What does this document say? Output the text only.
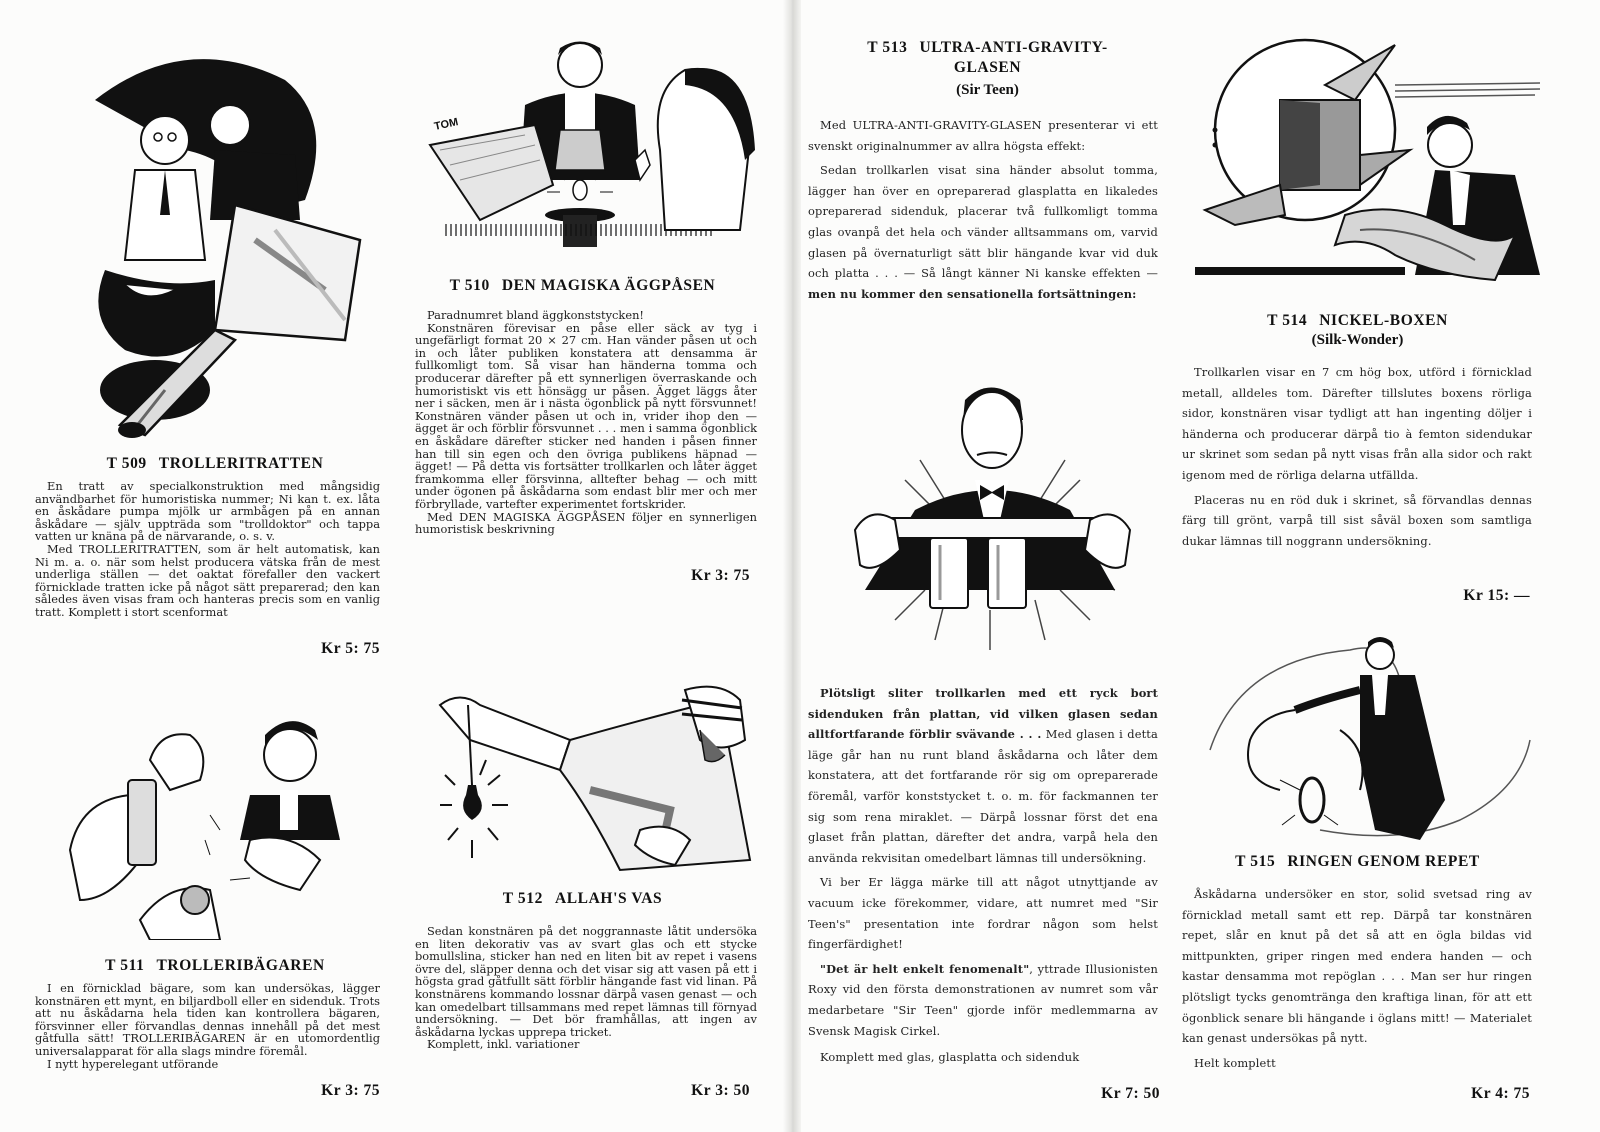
T 509 TROLLERITRATTEN

En tratt av specialkonstruktion med mångsidig användbarhet för humoristiska nummer; Ni kan t. ex. låta en åskådare pumpa mjölk ur armbågen på en annan åskådare — själv uppträda som "trolldoktor" och tappa vatten ur knäna på de närvarande, o. s. v.

Med TROLLERITRATTEN, som är helt automatisk, kan Ni m. a. o. när som helst producera vätska från de mest underliga ställen — det oaktat förefaller den vackert förnicklade tratten icke på något sätt preparerad; den kan således även visas fram och hanteras precis som en vanlig tratt. Komplett i stort scenformat

Kr 5: 75
TOM
T 510 DEN MAGISKA ÄGGPÅSEN

Paradnumret bland äggkonststycken!

Konstnären förevisar en påse eller säck av tyg i ungefärligt format 20 × 27 cm. Han vänder påsen ut och in och låter publiken konstatera att densamma är fullkomligt tom. Så visar han händerna tomma och producerar därefter på ett synnerligen överraskande och humoristiskt vis ett hönsägg ur påsen. Ägget läggs åter ner i säcken, men är i nästa ögonblick på nytt försvunnet! Konstnären vänder påsen ut och in, vrider ihop den — ägget är och förblir försvunnet . . . men i samma ögonblick en åskådare därefter sticker ned handen i påsen finner han till sin egen och den övriga publikens häpnad — ägget! — På detta vis fortsätter trollkarlen och låter ägget framkomma eller försvinna, alltefter behag — och mitt under ögonen på åskådarna som endast blir mer och mer förbryllade, vartefter experimentet fortskrider.

Med DEN MAGISKA ÄGGPÅSEN följer en synnerligen humoristisk beskrivning

Kr 3: 75
T 511 TROLLERIBÄGAREN

I en förnicklad bägare, som kan undersökas, lägger konstnären ett mynt, en biljardboll eller en sidenduk. Trots att nu åskådarna hela tiden kan kontrollera bägaren, försvinner eller förvandlas dennas innehåll på det mest gåtfulla sätt! TROLLERIBÄGAREN är en utomordentlig universalapparat för alla slags mindre föremål.

I nytt hyperelegant utförande

Kr 3: 75
T 512 ALLAH'S VAS

Sedan konstnären på det noggrannaste låtit undersöka en liten dekorativ vas av svart glas och ett stycke bomullslina, sticker han ned en liten bit av repet i vasens övre del, släpper denna och det visar sig att vasen på ett i högsta grad gåtfullt sätt förblir hängande fast vid linan. På konstnärens kommando lossnar därpå vasen genast — och kan omedelbart tillsammans med repet lämnas till förnyad undersökning. — Det bör framhållas, att ingen av åskådarna lyckas upprepa tricket.

Komplett, inkl. variationer

Kr 3: 50
T 513 ULTRA-ANTI-GRAVITY-
GLASEN
(Sir Teen)

Med ULTRA-ANTI-GRAVITY-GLASEN presenterar vi ett svenskt originalnummer av allra högsta effekt:

Sedan trollkarlen visat sina händer absolut tomma, lägger han över en opreparerad glasplatta en likaledes opreparerad sidenduk, placerar två fullkomligt tomma glas ovanpå det hela och vänder alltsammans om, varvid glasen på övernaturligt sätt blir hängande kvar vid duk och platta . . . — Så långt känner Ni kanske effekten — men nu kommer den sensationella fortsättningen:

Plötsligt sliter trollkarlen med ett ryck bort sidenduken från plattan, vid vilken glasen sedan alltfortfarande förblir svävande . . . Med glasen i detta läge går han nu runt bland åskådarna och låter dem konstatera, att det fortfarande rör sig om opreparerade föremål, varför konststycket t. o. m. för fackmannen ter sig som rena miraklet. — Därpå lossnar först det ena glaset från plattan, därefter det andra, varpå hela den använda rekvisitan omedelbart lämnas till undersökning.

Vi ber Er lägga märke till att något utnyttjande av vacuum icke förekommer, vidare, att numret med "Sir Teen's" presentation inte fordrar någon som helst fingerfärdighet!

"Det är helt enkelt fenomenalt", yttrade Illusionisten Roxy vid den första demonstrationen av numret som vår medarbetare "Sir Teen" gjorde inför medlemmarna av Svensk Magisk Cirkel.

Komplett med glas, glasplatta och sidenduk

Kr 7: 50
T 514 NICKEL-BOXEN
(Silk-Wonder)

Trollkarlen visar en 7 cm hög box, utförd i förnicklad metall, alldeles tom. Därefter tillslutes boxens rörliga sidor, konstnären visar tydligt att han ingenting döljer i händerna och producerar därpå tio à femton sidendukar ur skrinet som sedan på nytt visas från alla sidor och rakt igenom med de rörliga delarna utfällda.

Placeras nu en röd duk i skrinet, så förvandlas dennas färg till grönt, varpå till sist såväl boxen som samtliga dukar lämnas till noggrann undersökning.

Kr 15: —
T 515 RINGEN GENOM REPET

Åskådarna undersöker en stor, solid svetsad ring av förnicklad metall samt ett rep. Därpå tar konstnären repet, slår en knut på det så att en ögla bildas vid mittpunkten, griper ringen med endera handen — och kastar densamma mot repöglan . . . Man ser hur ringen plötsligt tycks genomtränga den kraftiga linan, för att ett ögonblick senare bli hängande i öglans mitt! — Materialet kan genast undersökas på nytt.

Helt komplett

Kr 4: 75
